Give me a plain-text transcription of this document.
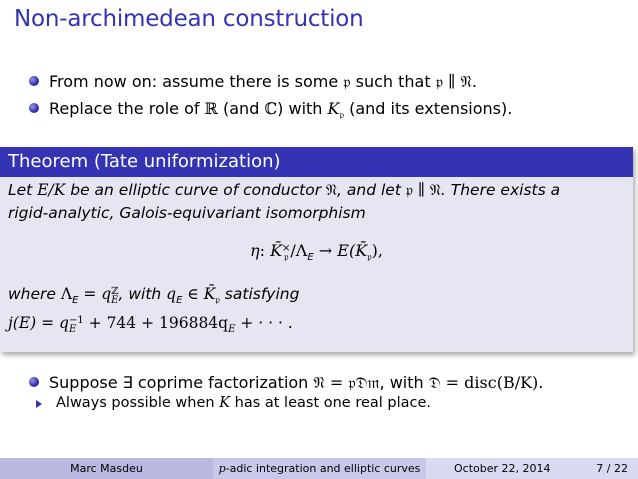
Non-archimedean construction
From now on: assume there is some 𝔭 such that 𝔭 ∥ 𝔑.
Replace the role of ℝ (and ℂ) with $K_𝔭$ (and its extensions).
Theorem (Tate uniformization)
Let E/K be an elliptic curve of conductor 𝔑, and let 𝔭 ∥ 𝔑. There exists a
rigid-analytic, Galois-equivariant isomorphism
η: K̄ ×
𝔭 $/\Lambda_E$ → $E(K̄_𝔭)$,
where $\Lambda_E = q$ ℤ
E , with $q_E$ ∈ $K̄_𝔭$ satisfying
j(E) = q −1
$E + 744 + 196884q_E$ + · · · .
Suppose ∃ coprime factorization 𝔑 = 𝔭𝔇𝔪, with 𝔇 = disc(B/K).
Always possible when K has at least one real place.
Marc Masdeu	p-adic integration and elliptic curves	October 22, 2014	7 / 22
